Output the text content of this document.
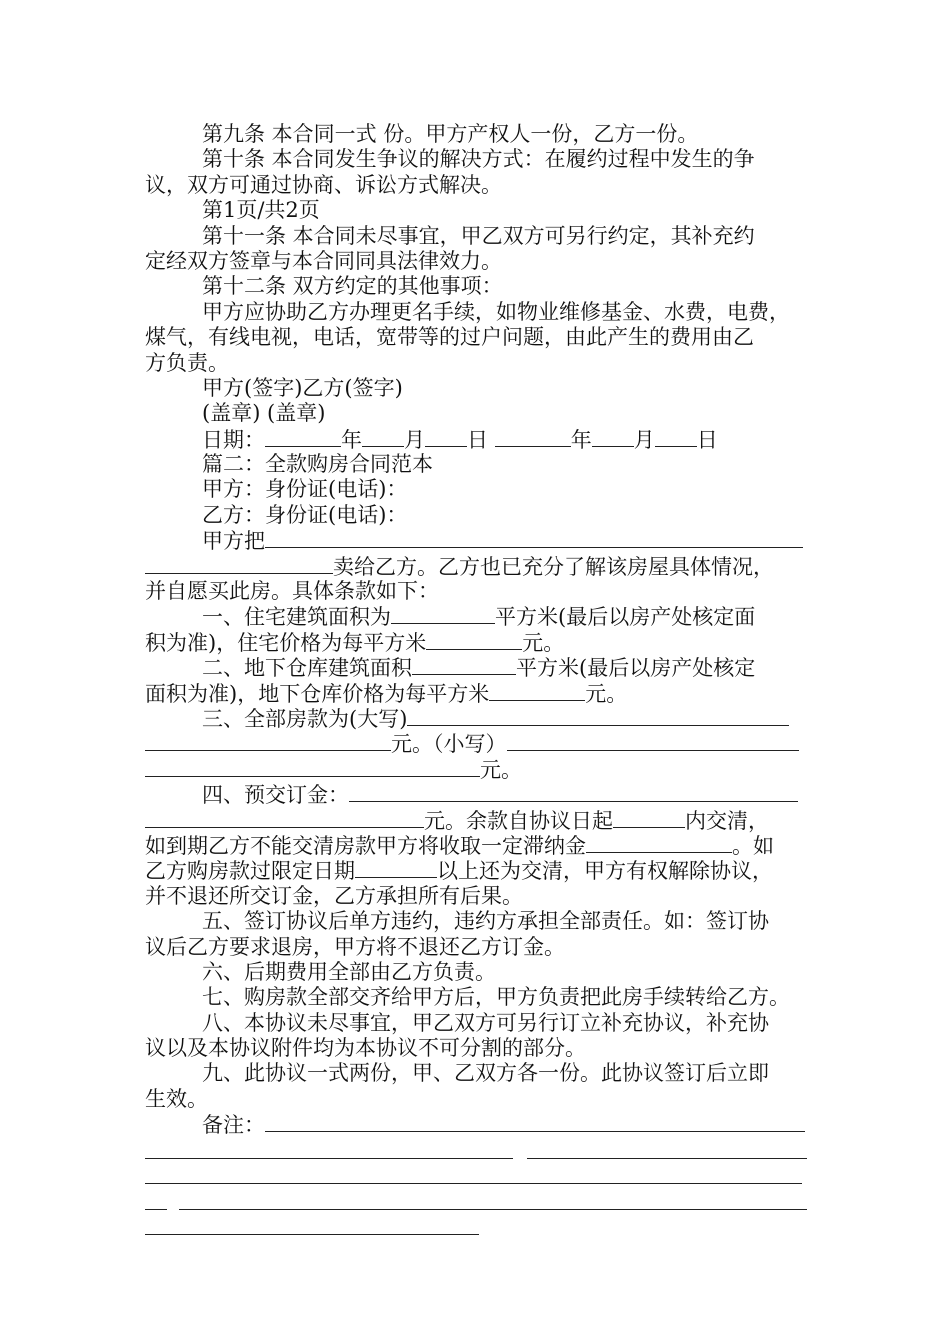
第九条 本合同一式 份。甲方产权人一份，乙方一份。
第十条 本合同发生争议的解决方式：在履约过程中发生的争
议，双方可通过协商、诉讼方式解决。
第1页/共2页
第十一条 本合同未尽事宜，甲乙双方可另行约定，其补充约
定经双方签章与本合同同具法律效力。
第十二条 双方约定的其他事项：
甲方应协助乙方办理更名手续，如物业维修基金、水费，电费，
煤气，有线电视，电话，宽带等的过户问题，由此产生的费用由乙
方负责。
甲方(签字)乙方(签字)
(盖章) (盖章)
日期：	年 月 日	年 月 日
篇二：全款购房合同范本
甲方：身份证(电话)：
乙方：身份证(电话)：
甲方把
卖给乙方。乙方也已充分了解该房屋具体情况，
并自愿买此房。具体条款如下：
一、住宅建筑面积为	平方米(最后以房产处核定面
积为准)，住宅价格为每平方米	元。
二、地下仓库建筑面积	平方米(最后以房产处核定
面积为准)，地下仓库价格为每平方米	元。
三、全部房款为(大写)
元。（小写）
元。
四、预交订金：
元。余款自协议日起	内交清，
如到期乙方不能交清房款甲方将收取一定滞纳金	。如
乙方购房款过限定日期	以上还为交清，甲方有权解除协议，
并不退还所交订金，乙方承担所有后果。
五、签订协议后单方违约，违约方承担全部责任。如：签订协
议后乙方要求退房，甲方将不退还乙方订金。
六、后期费用全部由乙方负责。
七、购房款全部交齐给甲方后，甲方负责把此房手续转给乙方。
八、本协议未尽事宜，甲乙双方可另行订立补充协议，补充协
议以及本协议附件均为本协议不可分割的部分。
九、此协议一式两份，甲、乙双方各一份。此协议签订后立即
生效。
备注：
